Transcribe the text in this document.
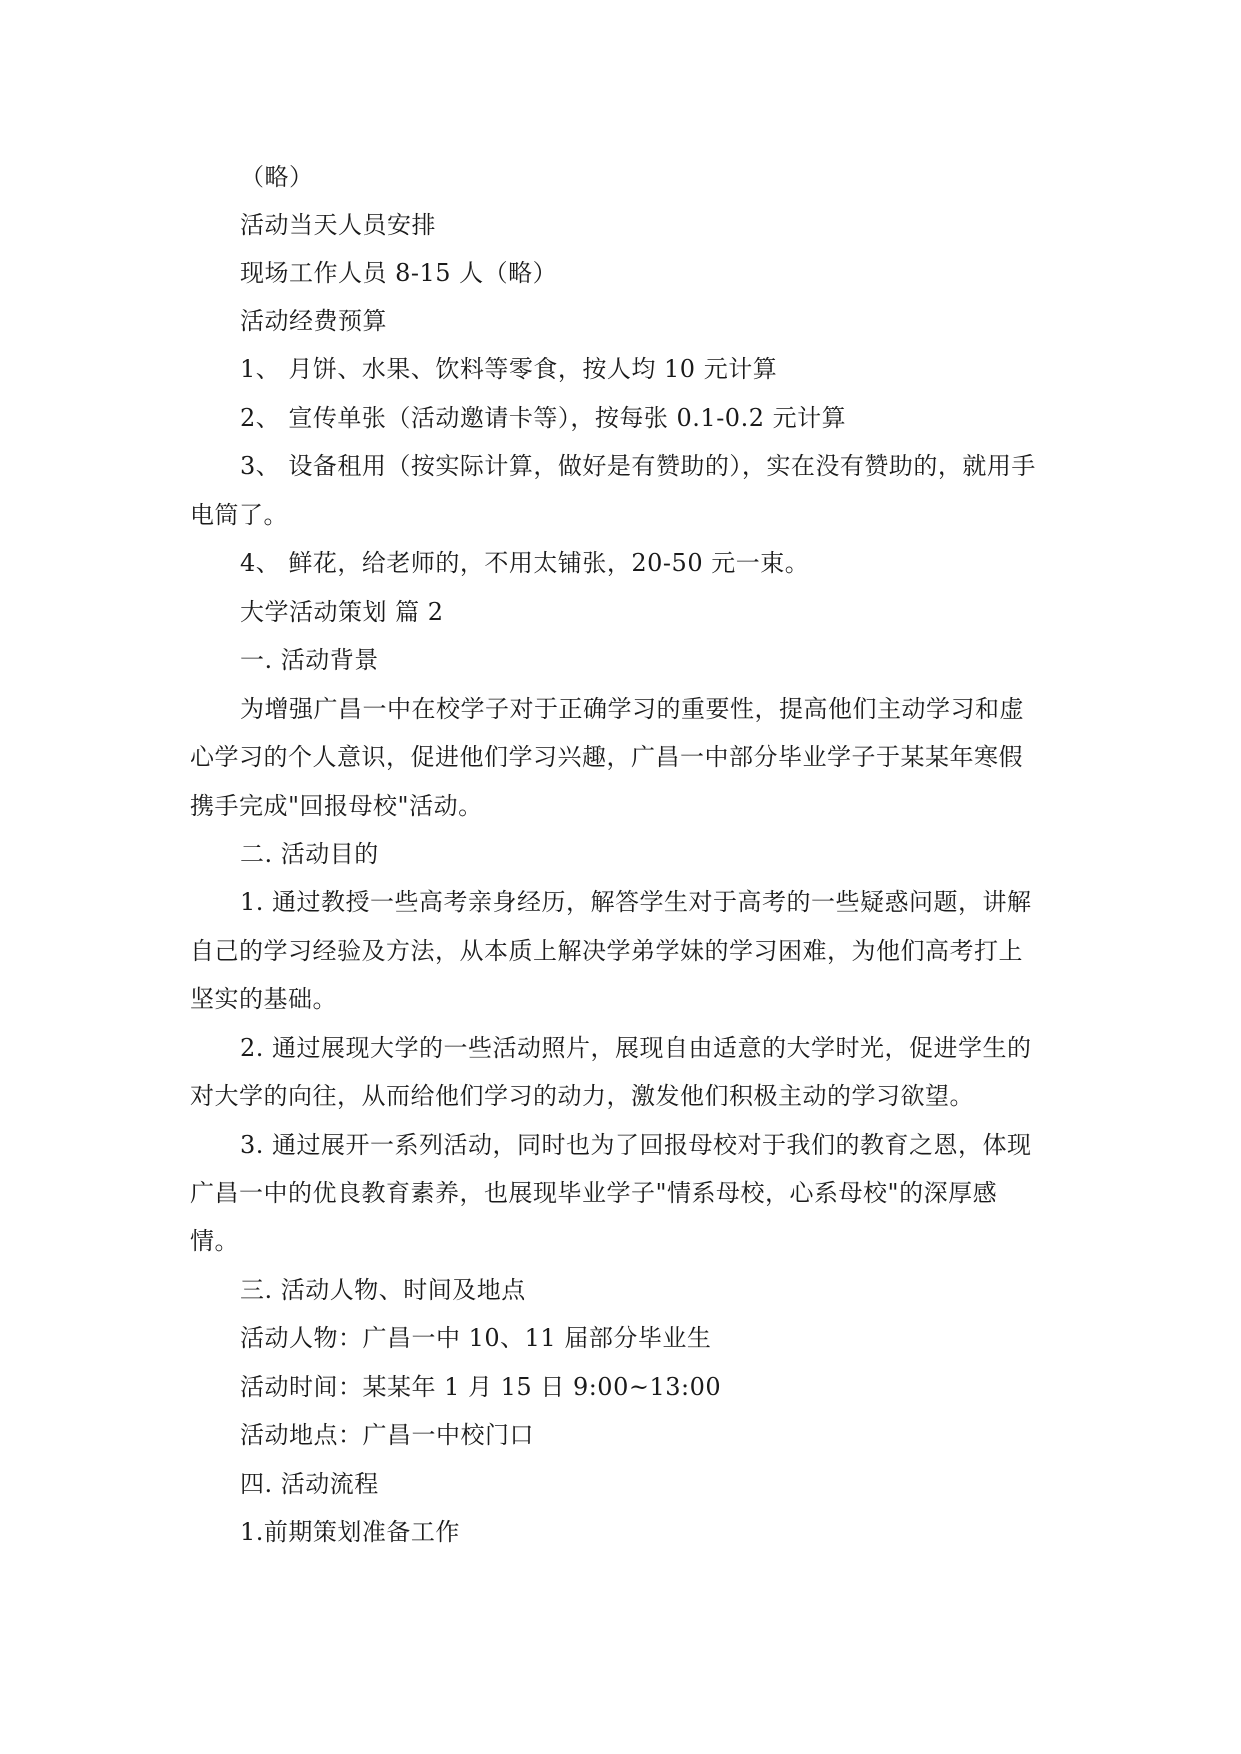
（略）
活动当天人员安排
现场工作人员 8-15 人（略）
活动经费预算
1、 月饼、水果、饮料等零食，按人均 10 元计算
2、 宣传单张（活动邀请卡等），按每张 0.1-0.2 元计算
3、 设备租用（按实际计算，做好是有赞助的），实在没有赞助的，就用手
电筒了。
4、 鲜花，给老师的，不用太铺张，20-50 元一束。
大学活动策划 篇 2
一. 活动背景
为增强广昌一中在校学子对于正确学习的重要性，提高他们主动学习和虚
心学习的个人意识，促进他们学习兴趣，广昌一中部分毕业学子于某某年寒假
携手完成"回报母校"活动。
二. 活动目的
1. 通过教授一些高考亲身经历，解答学生对于高考的一些疑惑问题，讲解
自己的学习经验及方法，从本质上解决学弟学妹的学习困难，为他们高考打上
坚实的基础。
2. 通过展现大学的一些活动照片，展现自由适意的大学时光，促进学生的
对大学的向往，从而给他们学习的动力，激发他们积极主动的学习欲望。
3. 通过展开一系列活动，同时也为了回报母校对于我们的教育之恩，体现
广昌一中的优良教育素养，也展现毕业学子"情系母校，心系母校"的深厚感
情。
三. 活动人物、时间及地点
活动人物：广昌一中 10、11 届部分毕业生
活动时间：某某年 1 月 15 日 9:00~13:00
活动地点：广昌一中校门口
四. 活动流程
1.前期策划准备工作
